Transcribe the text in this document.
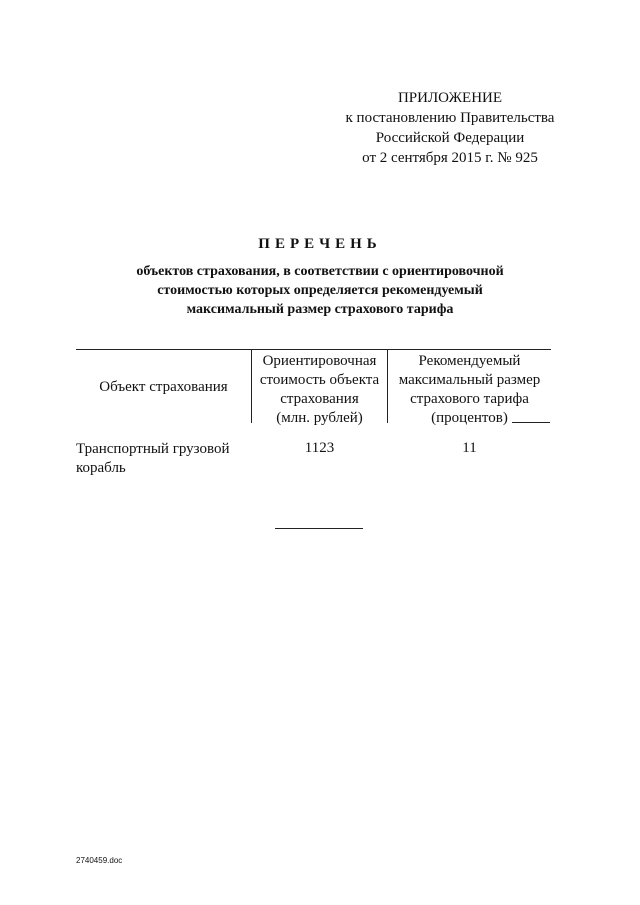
ПРИЛОЖЕНИЕ
к постановлению Правительства
Российской Федерации
от 2 сентября 2015 г. № 925
ПЕРЕЧЕНЬ
объектов страхования, в соответствии с ориентировочной
стоимостью которых определяется рекомендуемый
максимальный размер страхового тарифа
Объект страхования
Ориентировочная
стоимость объекта
страхования
(млн. рублей)
Рекомендуемый
максимальный размер
страхового тарифа
(процентов)
Транспортный грузовой
корабль
1123	11
2740459.doc
